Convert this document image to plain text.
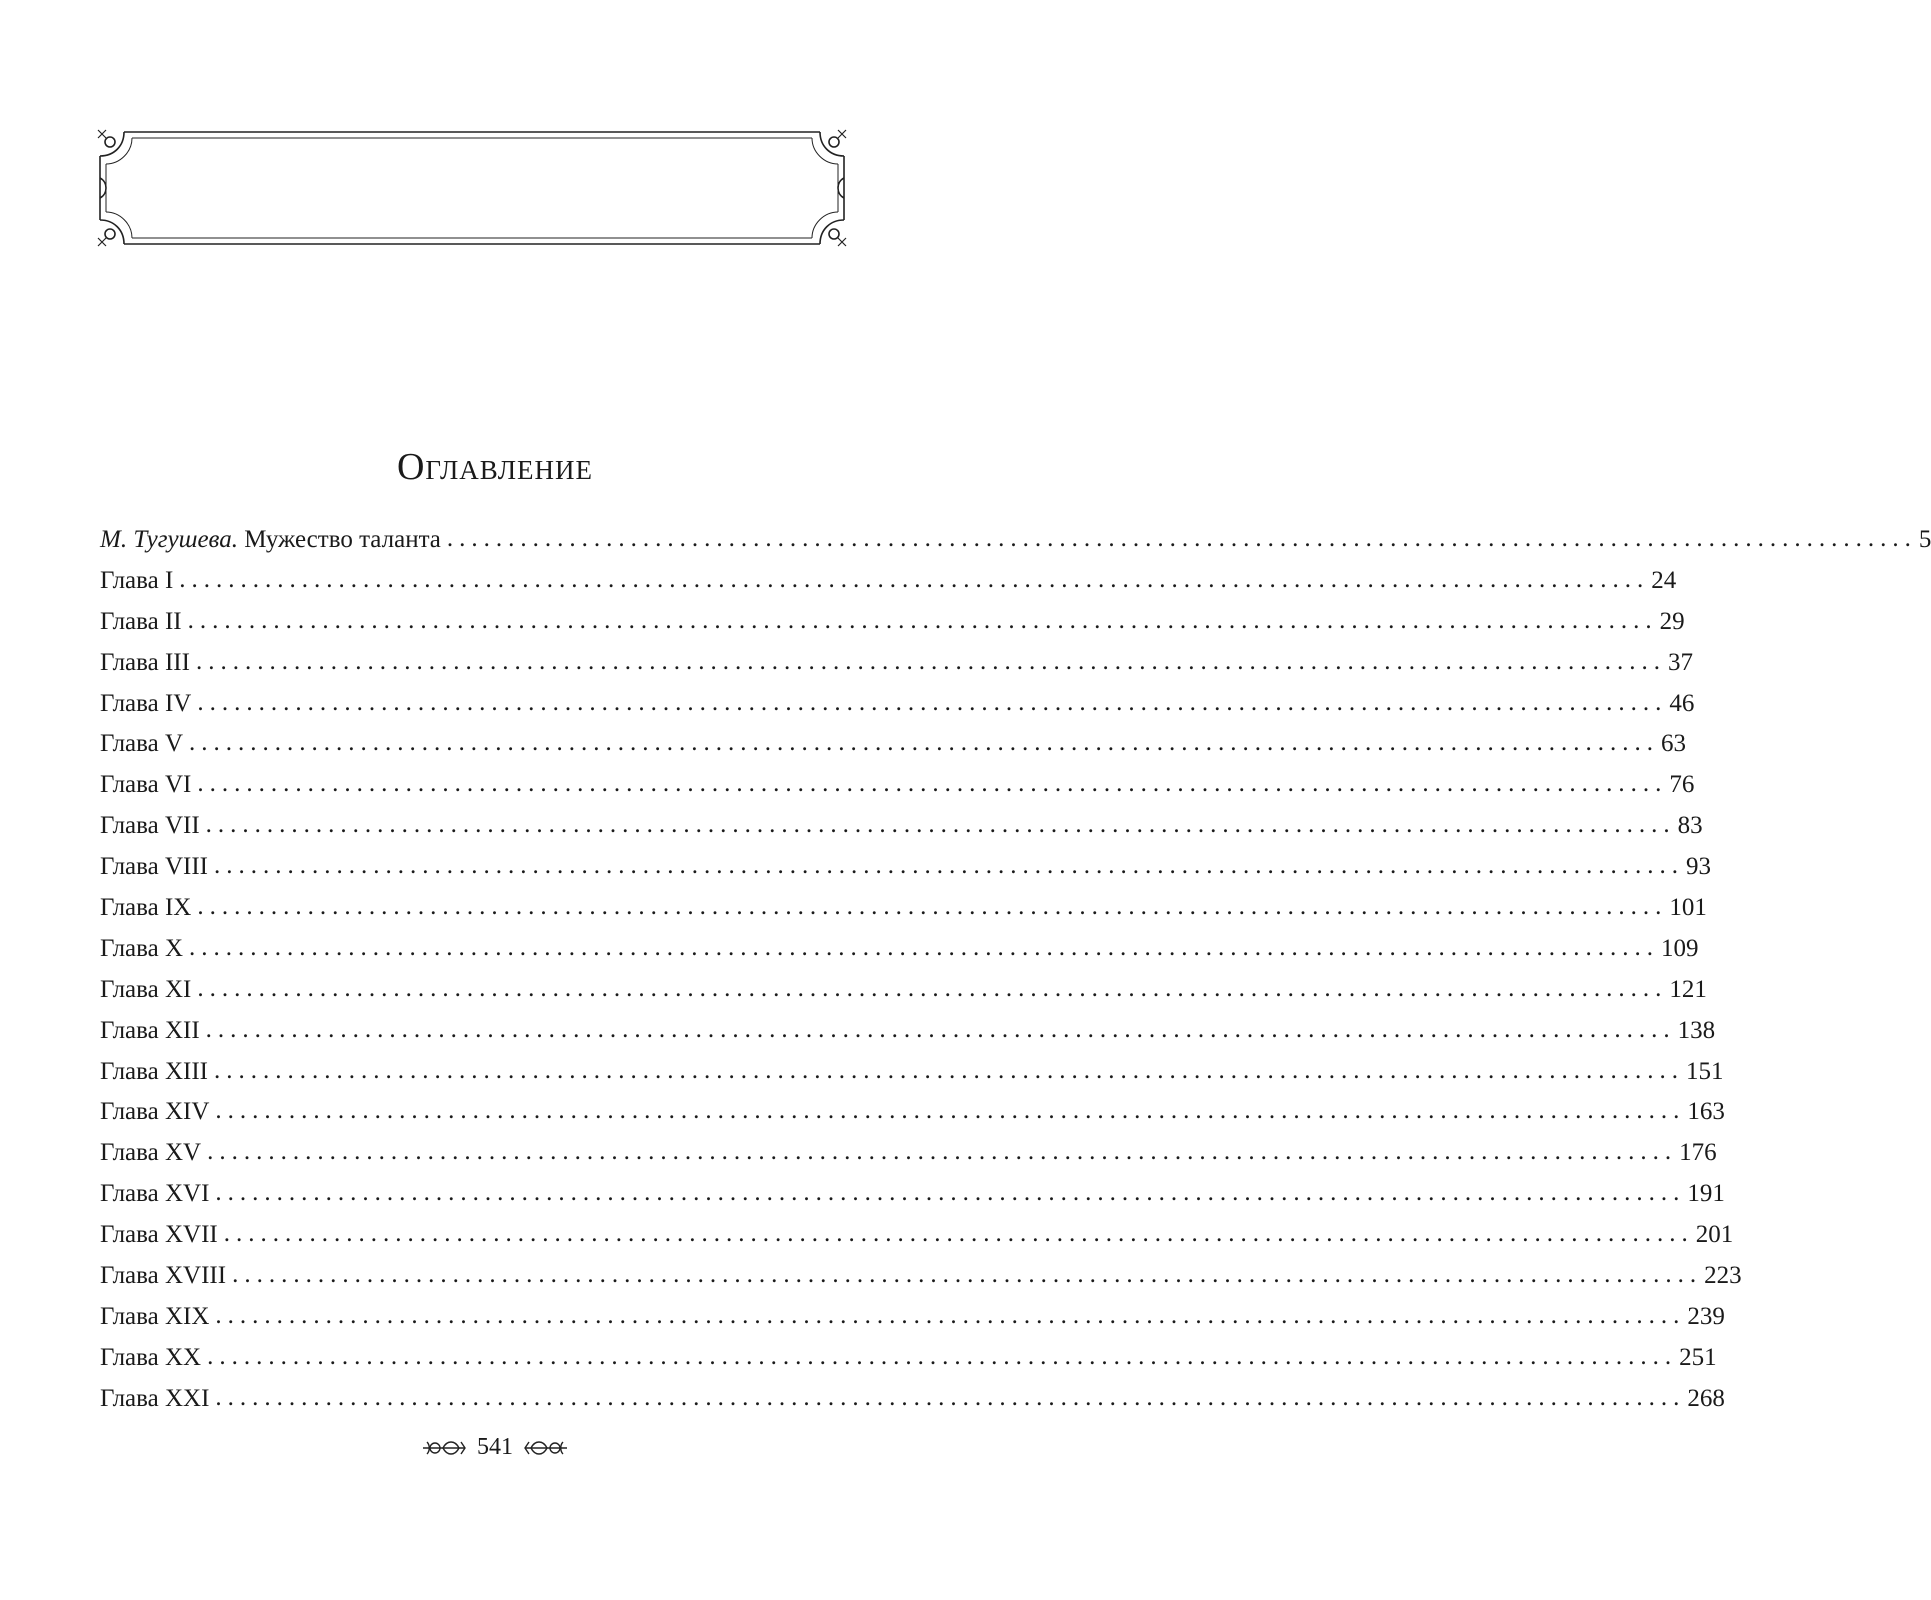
Оглавление
М. Тугушева. Мужество таланта ........................................................................................................................ 5
Глава I ........................................................................................................................ 24
Глава II ........................................................................................................................ 29
Глава III ........................................................................................................................ 37
Глава IV ........................................................................................................................ 46
Глава V ........................................................................................................................ 63
Глава VI ........................................................................................................................ 76
Глава VII ........................................................................................................................ 83
Глава VIII ........................................................................................................................ 93
Глава IX ........................................................................................................................ 101
Глава X ........................................................................................................................ 109
Глава XI ........................................................................................................................ 121
Глава XII ........................................................................................................................ 138
Глава XIII ........................................................................................................................ 151
Глава XIV ........................................................................................................................ 163
Глава XV ........................................................................................................................ 176
Глава XVI ........................................................................................................................ 191
Глава XVII ........................................................................................................................ 201
Глава XVIII ........................................................................................................................ 223
Глава XIX ........................................................................................................................ 239
Глава XX ........................................................................................................................ 251
Глава XXI ........................................................................................................................ 268
541
